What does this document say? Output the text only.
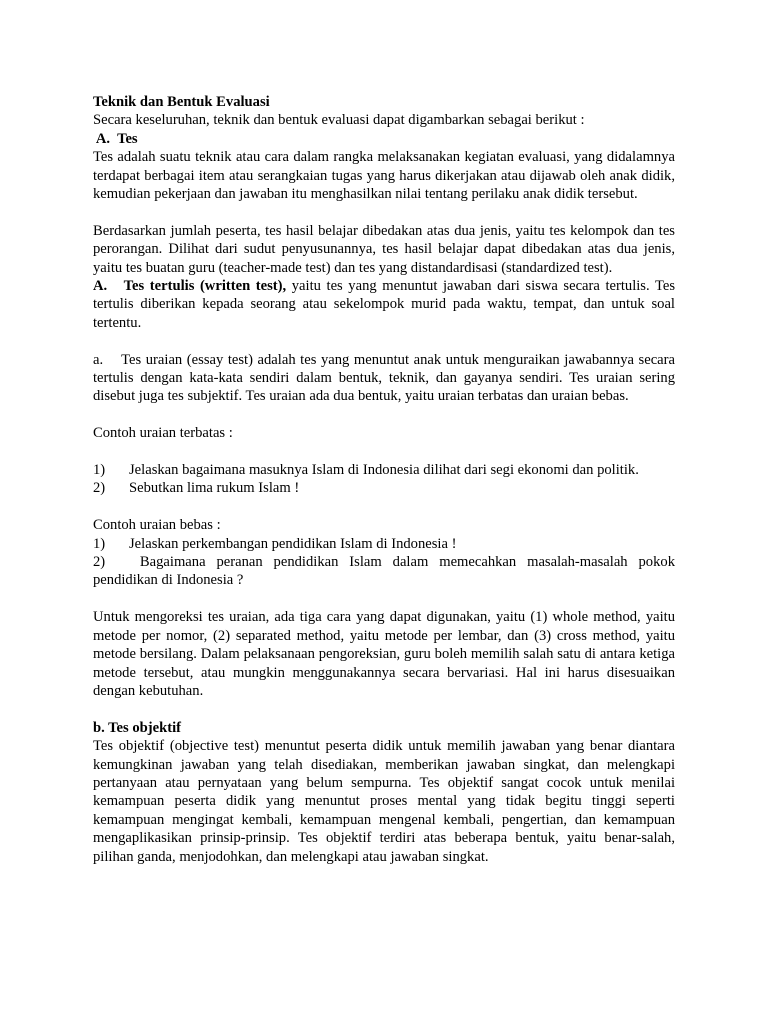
Teknik dan Bentuk Evaluasi

Secara keseluruhan, teknik dan bentuk evaluasi dapat digambarkan sebagai berikut :

A.  Tes

Tes adalah suatu teknik atau cara dalam rangka melaksanakan kegiatan evaluasi, yang didalamnya terdapat berbagai item atau serangkaian tugas yang harus dikerjakan atau dijawab oleh anak didik, kemudian pekerjaan dan jawaban itu menghasilkan nilai tentang perilaku anak didik tersebut.

Berdasarkan jumlah peserta, tes hasil belajar dibedakan atas dua jenis, yaitu tes kelompok dan tes perorangan. Dilihat dari sudut penyusunannya, tes hasil belajar dapat dibedakan atas dua jenis, yaitu tes buatan guru (teacher-made test) dan tes yang distandardisasi (standardized test).

A.   Tes tertulis (written test), yaitu tes yang menuntut jawaban dari siswa secara tertulis. Tes tertulis diberikan kepada seorang atau sekelompok murid pada waktu, tempat, dan untuk soal tertentu.

a.    Tes uraian (essay test) adalah tes yang menuntut anak untuk menguraikan jawabannya secara tertulis dengan kata-kata sendiri dalam bentuk, teknik, dan gayanya sendiri. Tes uraian sering disebut juga tes subjektif. Tes uraian ada dua bentuk, yaitu uraian terbatas dan uraian bebas.

Contoh uraian terbatas :

1) Jelaskan bagaimana masuknya Islam di Indonesia dilihat dari segi ekonomi dan politik.

2) Sebutkan lima rukum Islam !

Contoh uraian bebas :

1) Jelaskan perkembangan pendidikan Islam di Indonesia !

2) Bagaimana peranan pendidikan Islam dalam memecahkan masalah-masalah pokok pendidikan di Indonesia ?

Untuk mengoreksi tes uraian, ada tiga cara yang dapat digunakan, yaitu (1) whole method, yaitu metode per nomor, (2) separated method, yaitu metode per lembar, dan (3) cross method, yaitu metode bersilang. Dalam pelaksanaan pengoreksian, guru boleh memilih salah satu di antara ketiga metode tersebut, atau mungkin menggunakannya secara bervariasi. Hal ini harus disesuaikan dengan kebutuhan.

b. Tes objektif

Tes objektif (objective test) menuntut peserta didik untuk memilih jawaban yang benar diantara kemungkinan jawaban yang telah disediakan, memberikan jawaban singkat, dan melengkapi pertanyaan atau pernyataan yang belum sempurna. Tes objektif sangat cocok untuk menilai kemampuan peserta didik yang menuntut proses mental yang tidak begitu tinggi seperti kemampuan mengingat kembali, kemampuan mengenal kembali, pengertian, dan kemampuan mengaplikasikan prinsip-prinsip. Tes objektif terdiri atas beberapa bentuk, yaitu benar-salah, pilihan ganda, menjodohkan, dan melengkapi atau jawaban singkat.
